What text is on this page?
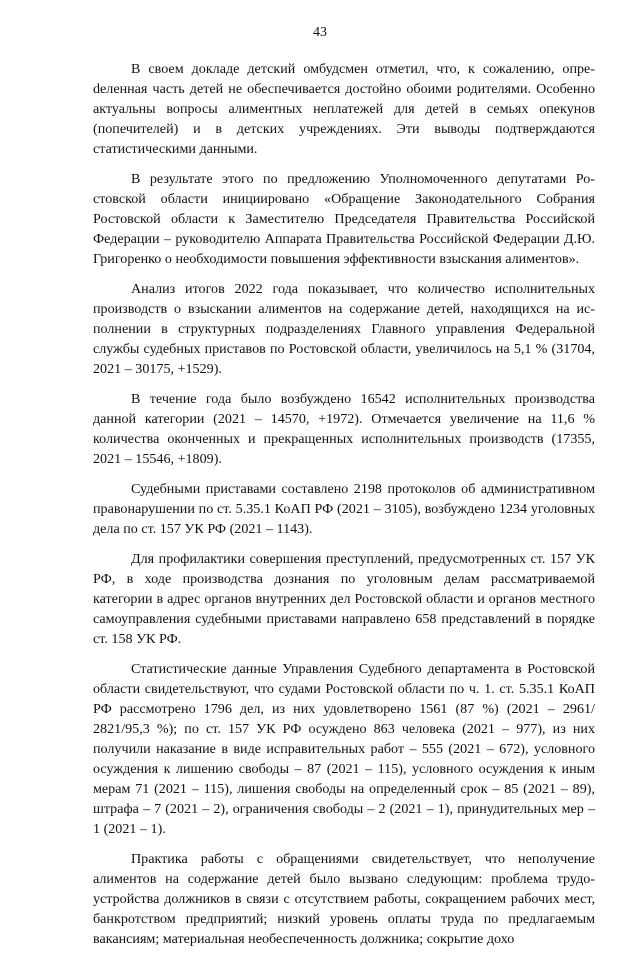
43

В своем докладе детский омбудсмен отметил, что, к сожалению, опреdеленная часть детей не обеспечивается достойно обоими родителями. Особенно актуальны вопросы алиментных неплатежей для детей в семьях опекунов (попечителей) и в детских учреждениях. Эти выводы подтверждаются статистическими данными.

В результате этого по предложению Уполномоченного депутатами Ростовской области инициировано «Обращение Законодательного Собрания Ростовской области к Заместителю Председателя Правительства Российской Федерации – руководителю Аппарата Правительства Российской Федерации Д.Ю. Григоренко о необходимости повышения эффективности взыскания алиментов».

Анализ итогов 2022 года показывает, что количество исполнительных производств о взыскании алиментов на содержание детей, находящихся на исполнении в структурных подразделениях Главного управления Федеральной службы судебных приставов по Ростовской области, увеличилось на 5,1 % (31704, 2021 – 30175, +1529).

В течение года было возбуждено 16542 исполнительных производства данной категории (2021 – 14570, +1972). Отмечается увеличение на 11,6 % количества оконченных и прекращенных исполнительных производств (17355, 2021 – 15546, +1809).

Судебными приставами составлено 2198 протоколов об административном правонарушении по ст. 5.35.1 КоАП РФ (2021 – 3105), возбуждено 1234 уголовных дела по ст. 157 УК РФ (2021 – 1143).

Для профилактики совершения преступлений, предусмотренных ст. 157 УК РФ, в ходе производства дознания по уголовным делам рассматриваемой категории в адрес органов внутренних дел Ростовской области и органов местного самоуправления судебными приставами направлено 658 представлений в порядке ст. 158 УК РФ.

Статистические данные Управления Судебного департамента в Ростовской области свидетельствуют, что судами Ростовской области по ч. 1. ст. 5.35.1 КоАП РФ рассмотрено 1796 дел, из них удовлетворено 1561 (87 %) (2021 – 2961/ 2821/95,3 %); по ст. 157 УК РФ осуждено 863 человека (2021 – 977), из них получили наказание в виде исправительных работ – 555 (2021 – 672), условного осуждения к лишению свободы – 87 (2021 – 115), условного осуждения к иным мерам 71 (2021 – 115), лишения свободы на определенный срок – 85 (2021 – 89), штрафа – 7 (2021 – 2), ограничения свободы – 2 (2021 – 1), принудительных мер – 1 (2021 – 1).

Практика работы с обращениями свидетельствует, что неполучение алиментов на содержание детей было вызвано следующим: проблема трудоустройства должников в связи с отсутствием работы, сокращением рабочих мест, банкротством предприятий; низкий уровень оплаты труда по предлагаемым вакансиям; материальная необеспеченность должника; сокрытие дохо
